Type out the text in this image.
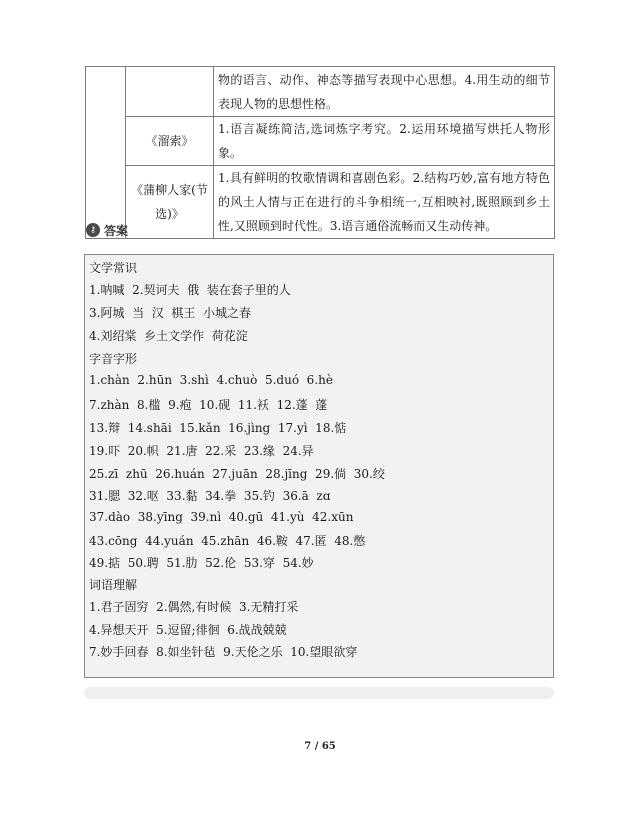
		物的语言、动作、神态等描写表现中心思想。4.用生动的细节表现人物的思想性格。
	《溜索》	1.语言凝练简洁,选词炼字考究。2.运用环境描写烘托人物形象。
	《蒲柳人家(节选)》	1.具有鲜明的牧歌情调和喜剧色彩。2.结构巧妙,富有地方特色的风土人情与正在进行的斗争相统一,互相映衬,既照顾到乡土性,又照顾到时代性。3.语言通俗流畅而又生动传神。
⚷ 答案
文学常识
1.呐喊  2.契诃夫  俄  装在套子里的人
3.阿城  当  汉  棋王  小城之春
4.刘绍棠  乡土文学作  荷花淀
字音字形
1.chàn  2.hūn  3.shì  4.chuò  5.duó  6.hè
7.zhàn  8.槛  9.疱  10.砚  11.袄  12.蓬  蓬
13.辩  14.shāi  15.kǎn  16.jìng  17.yì  18.惦
19.吓  20.帜  21.唐  22.采  23.缘  24.异
25.zī  zhū  26.huán  27.juān  28.jīng  29.倘  30.绞
31.腮  32.呕  33.黏  34.拳  35.钓  36.ā  zɑ
37.dào  38.yīng  39.nì  40.gū  41.yù  42.xūn
43.cōng  44.yuán  45.zhān  46.鞍  47.匿  48.憋
49.掂  50.聘  51.肋  52.伦  53.穿  54.妙
词语理解
1.君子固穷  2.偶然,有时候  3.无精打采
4.异想天开  5.逗留;徘徊  6.战战兢兢
7.妙手回春  8.如坐针毡  9.天伦之乐  10.望眼欲穿
7 / 65
